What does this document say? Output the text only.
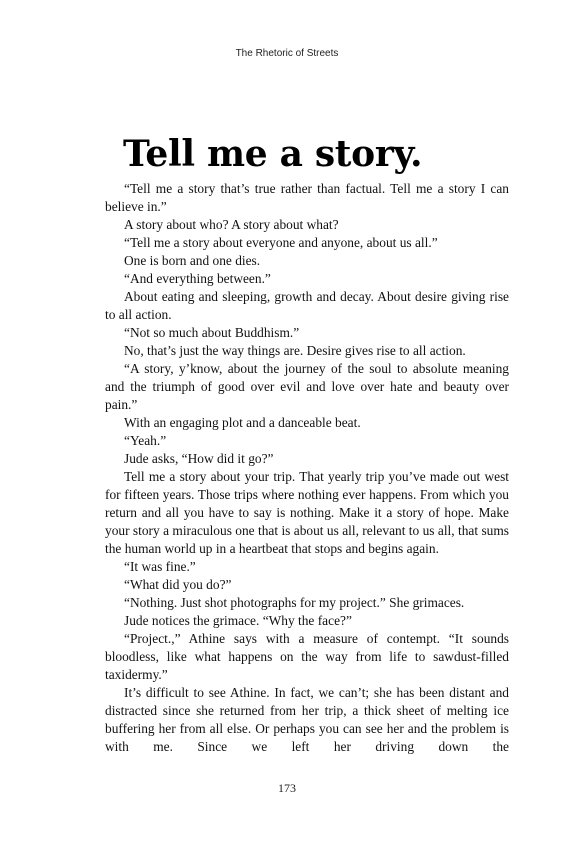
The Rhetoric of Streets
Tell me a story.

“Tell me a story that’s true rather than factual. Tell me a story I can believe in.”

A story about who? A story about what?

“Tell me a story about everyone and anyone, about us all.”

One is born and one dies.

“And everything between.”

About eating and sleeping, growth and decay. About desire giving rise to all action.

“Not so much about Buddhism.”

No, that’s just the way things are. Desire gives rise to all action.

“A story, y’know, about the journey of the soul to absolute meaning and the triumph of good over evil and love over hate and beauty over pain.”

With an engaging plot and a danceable beat.

“Yeah.”

Jude asks, “How did it go?”

Tell me a story about your trip. That yearly trip you’ve made out west for fifteen years. Those trips where nothing ever happens. From which you return and all you have to say is nothing. Make it a story of hope. Make your story a miraculous one that is about us all, relevant to us all, that sums the human world up in a heartbeat that stops and begins again.

“It was fine.”

“What did you do?”

“Nothing. Just shot photographs for my project.” She grimaces.

Jude notices the grimace. “Why the face?”

“Project.,” Athine says with a measure of contempt. “It sounds bloodless, like what happens on the way from life to sawdust-filled taxidermy.”

It’s difficult to see Athine. In fact, we can’t; she has been distant and distracted since she returned from her trip, a thick sheet of melting ice buffering her from all else. Or perhaps you can see her and the problem is with me. Since we left her driving down the

173
